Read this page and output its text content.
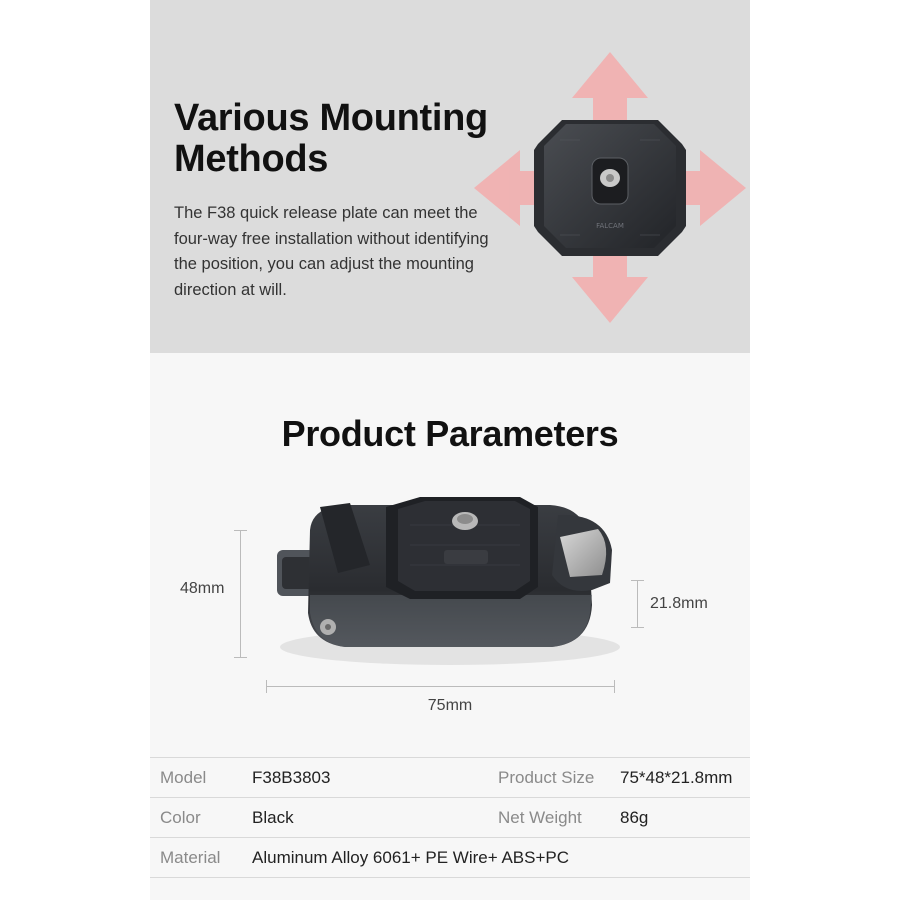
Various Mounting
Methods
The F38 quick release plate can meet the four-way free installation without identifying the position, you can adjust the mounting direction at will.
FALCAM
Product Parameters
48mm
21.8mm
75mm
Model	F38B3803	Product Size 75*48*21.8mm
Color	Black	Net Weight 86g
Material Aluminum Alloy 6061+ PE Wire+ ABS+PC
